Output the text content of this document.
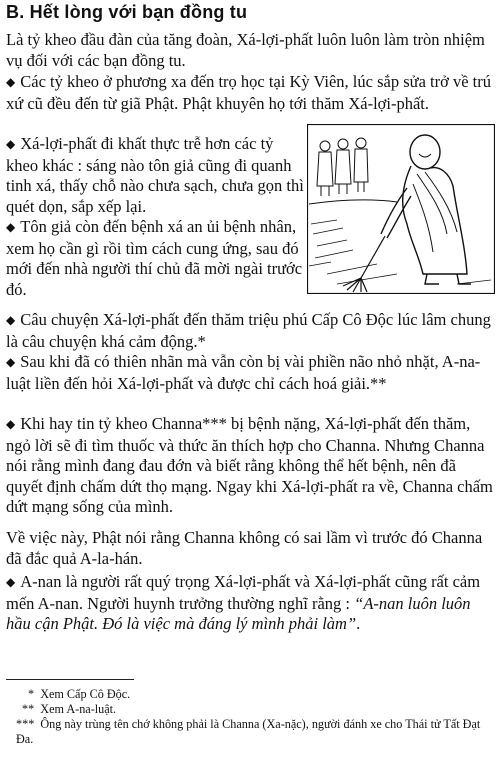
B. Hết lòng với bạn đồng tu

Là tỷ kheo đầu đàn của tăng đoàn, Xá-lợi-phất luôn luôn làm tròn nhiệm vụ đối với các bạn đồng tu.

◆ Các tỷ kheo ở phương xa đến trọ học tại Kỳ Viên, lúc sắp sửa trở về trú xứ cũ đều đến từ giã Phật. Phật khuyên họ tới thăm Xá-lợi-phất.

◆ Xá-lợi-phất đi khất thực trễ hơn các tỷ kheo khác : sáng nào tôn giả cũng đi quanh tinh xá, thấy chỗ nào chưa sạch, chưa gọn thì quét dọn, sắp xếp lại.

◆ Tôn giả còn đến bệnh xá an ủi bệnh nhân, xem họ cần gì rồi tìm cách cung ứng, sau đó mới đến nhà người thí chủ đã mời ngài trước đó.

◆ Câu chuyện Xá-lợi-phất đến thăm triệu phú Cấp Cô Độc lúc lâm chung là câu chuyện khá cảm động.*

◆ Sau khi đã có thiên nhãn mà vẫn còn bị vài phiền não nhỏ nhặt, A-na-luật liền đến hỏi Xá-lợi-phất và được chỉ cách hoá giải.**

◆ Khi hay tin tỷ kheo Channa*** bị bệnh nặng, Xá-lợi-phất đến thăm, ngỏ lời sẽ đi tìm thuốc và thức ăn thích hợp cho Channa. Nhưng Channa nói rằng mình đang đau đớn và biết rằng không thể hết bệnh, nên đã quyết định chấm dứt thọ mạng. Ngay khi Xá-lợi-phất ra về, Channa chấm dứt mạng sống của mình.

Về việc này, Phật nói rằng Channa không có sai lầm vì trước đó Channa đã đắc quả A-la-hán.

◆ A-nan là người rất quý trọng Xá-lợi-phất và Xá-lợi-phất cũng rất cảm mến A-nan. Người huynh trưởng thường nghĩ rằng : “A-nan luôn luôn hầu cận Phật. Đó là việc mà đáng lý mình phải làm”.

* Xem Cấp Cô Độc.
** Xem A-na-luật.
*** Ông này trùng tên chớ không phải là Channa (Xa-nặc), người đánh xe cho Thái tử Tất Đạt Đa.
